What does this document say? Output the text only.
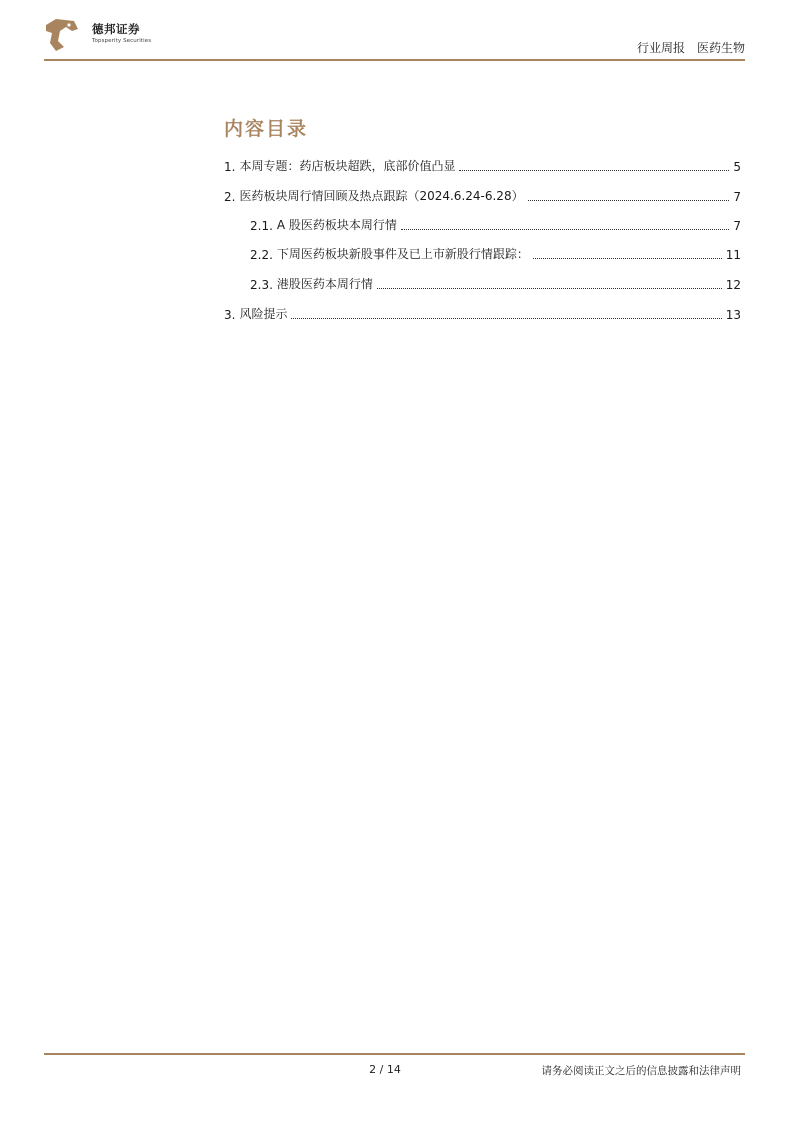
德邦证券
Topsperity Securities	行业周报 医药生物
内容目录
1. 本周专题：药店板块超跌，底部价值凸显	5
2. 医药板块周行情回顾及热点跟踪（2024.6.24-6.28）	7
2.1. A 股医药板块本周行情	7
2.2. 下周医药板块新股事件及已上市新股行情跟踪：	11
2.3. 港股医药本周行情	12
3. 风险提示	13
2 / 14	请务必阅读正文之后的信息披露和法律声明
